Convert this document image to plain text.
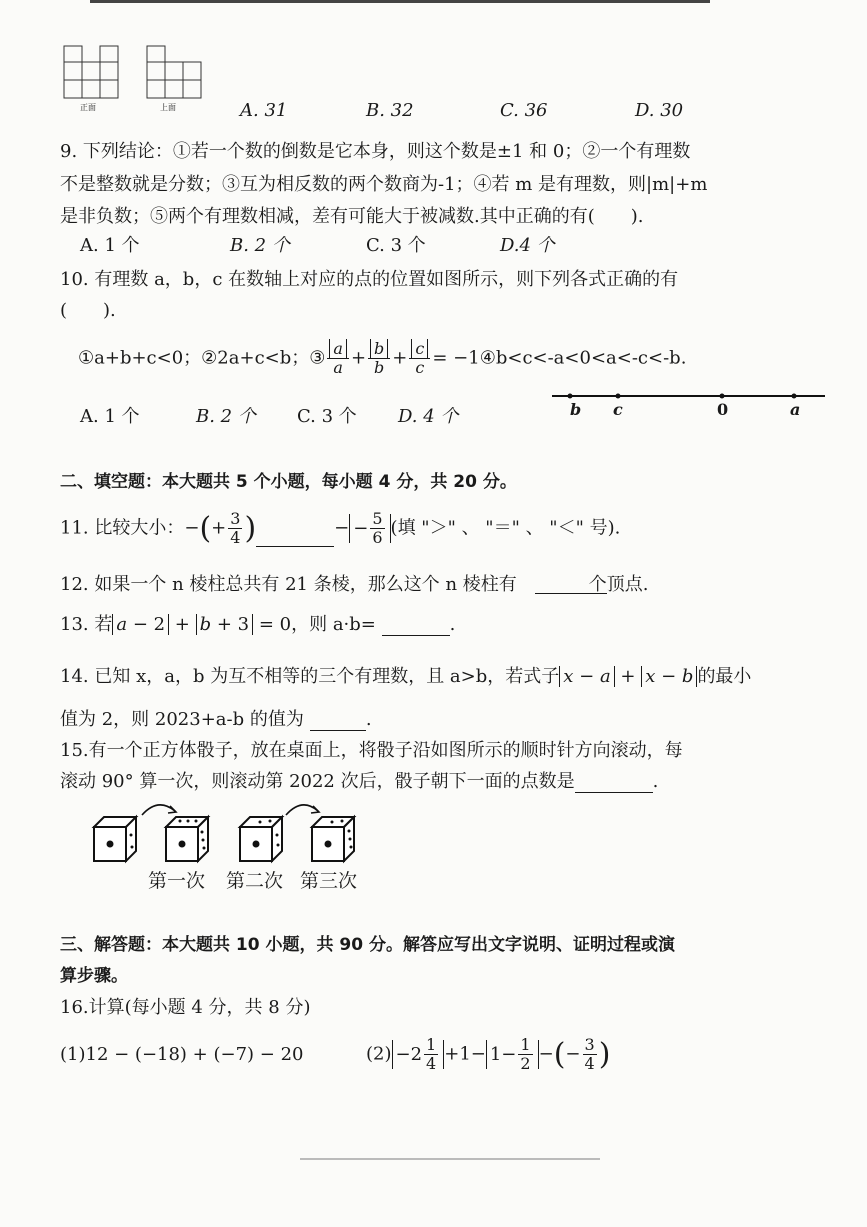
正面	上面	A. 31	B. 32	C. 36	D. 30
9. 下列结论：①若一个数的倒数是它本身，则这个数是±1 和 0；②一个有理数
不是整数就是分数；③互为相反数的两个数商为-1；④若 m 是有理数，则|m|+m
是非负数；⑤两个有理数相减，差有可能大于被减数.其中正确的有(　　).
A. 1 个	B. 2 个	C. 3 个	D.4 个
10. 有理数 a，b，c 在数轴上对应的点的位置如图所示，则下列各式正确的有
(　　).
①a+b+c<0；②2a+c<b；③ $\frac{a}{a} + \frac{b}{b} + \frac{c}{c}$ = −1④b<c<-a<0<a<-c<-b.
A. 1 个	B. 2 个 C. 3 个 D. 4 个	b c	0	a
二、填空题：本大题共 5 个小题，每小题 4 分，共 20 分。
11. 比较大小：−(+ $\frac{3}{4}$ )	− − $\frac{5}{6}$ (填 "＞" 、 "＝" 、 "＜" 号).
12. 如果一个 n 棱柱总共有 21 条棱，那么这个 n 棱柱有　　　　个顶点.
13. 若 a − 2 + b + 3 = 0，则 a·b=	.
14. 已知 x，a，b 为互不相等的三个有理数，且 a>b，若式子 x − a + x − b 的最小
值为 2，则 2023+a-b 的值为	.
15.有一个正方体骰子，放在桌面上，将骰子沿如图所示的顺时针方向滚动，每
滚动 90° 算一次，则滚动第 2022 次后，骰子朝下一面的点数是	.
第一次 第二次 第三次
三、解答题：本大题共 10 小题，共 90 分。解答应写出文字说明、证明过程或演
算步骤。
16.计算(每小题 4 分，共 8 分)
(1)12 − (−18) + (−7) − 20	$(2) -2 \frac{1}{4} +1- 1- \frac{1}{2}$ −(− $\frac{3}{4}$ )
